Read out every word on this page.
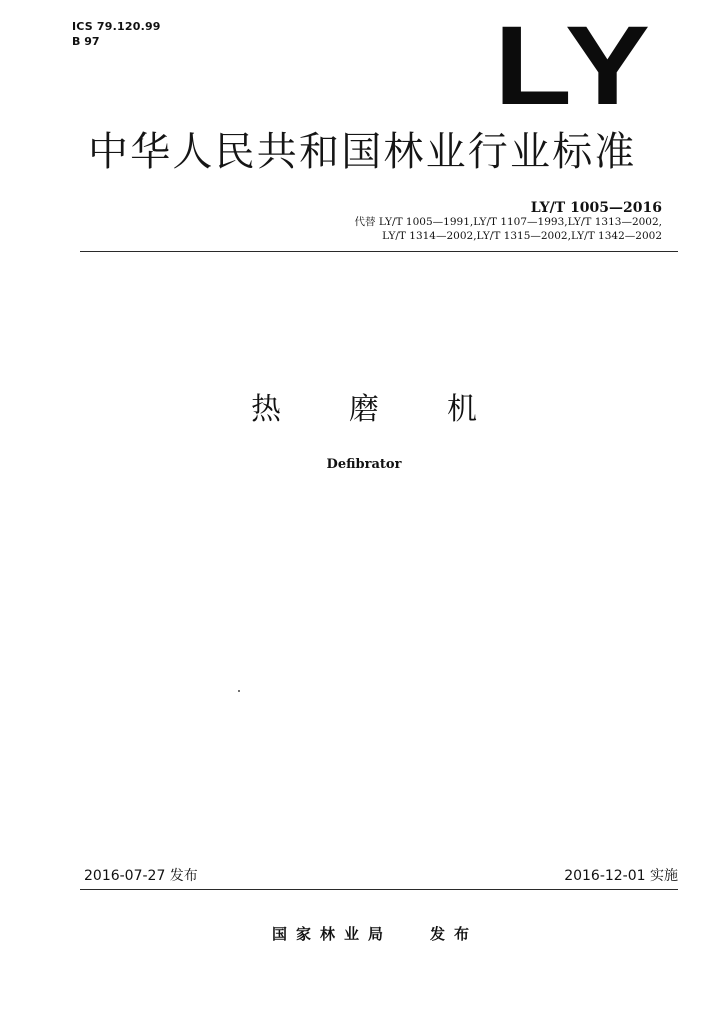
ICS 79.120.99
B 97	LY
中华人民共和国林业行业标准
LY/T 1005—2016
代替 LY/T 1005—1991,LY/T 1107—1993,LY/T 1313—2002,
LY/T 1314—2002,LY/T 1315—2002,LY/T 1342—2002
热 磨 机
Defibrator
2016-07-27 发布	2016-12-01 实施
国家林业局	发布
